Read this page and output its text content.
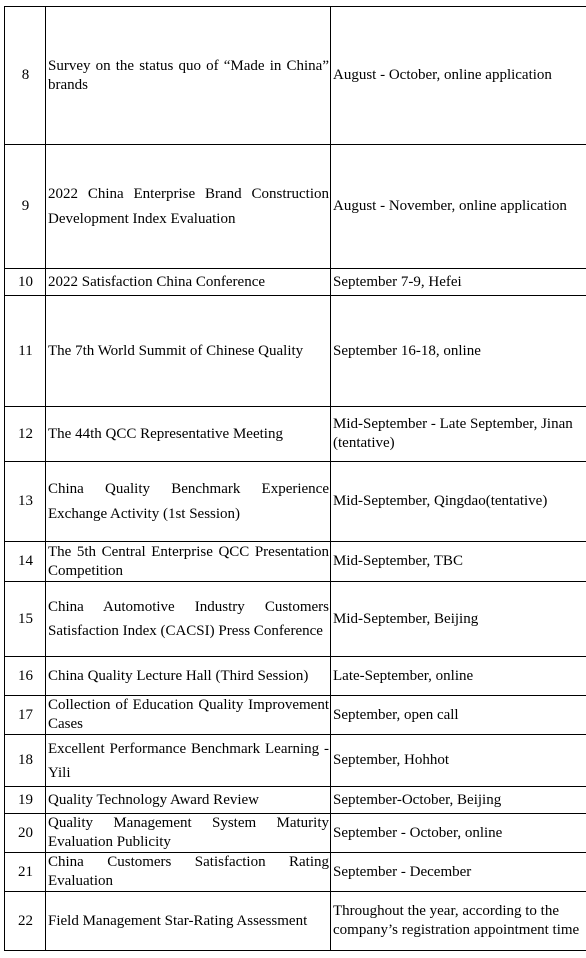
8	Survey on the status quo of “Made in China” brands	August - October, online application
9	2022 China Enterprise Brand Construction Development Index Evaluation	August - November, online application
10	2022 Satisfaction China Conference	September 7-9, Hefei
11	The 7th World Summit of Chinese Quality	September 16-18, online
12	The 44th QCC Representative Meeting	Mid-September - Late September, Jinan (tentative)
13	China Quality Benchmark Experience Exchange Activity (1st Session)	Mid-September, Qingdao(tentative)
14	The 5th Central Enterprise QCC Presentation Competition	Mid-September, TBC
15	China Automotive Industry Customers Satisfaction Index (CACSI) Press Conference	Mid-September, Beijing
16	China Quality Lecture Hall (Third Session)	Late-September, online
17	Collection of Education Quality Improvement Cases	September, open call
18	Excellent Performance Benchmark Learning - Yili	September, Hohhot
19	Quality Technology Award Review	September-October, Beijing
20	Quality Management System Maturity Evaluation Publicity	September - October, online
21	China Customers Satisfaction Rating Evaluation	September - December
22	Field Management Star-Rating Assessment	Throughout the year, according to the company’s registration appointment time
